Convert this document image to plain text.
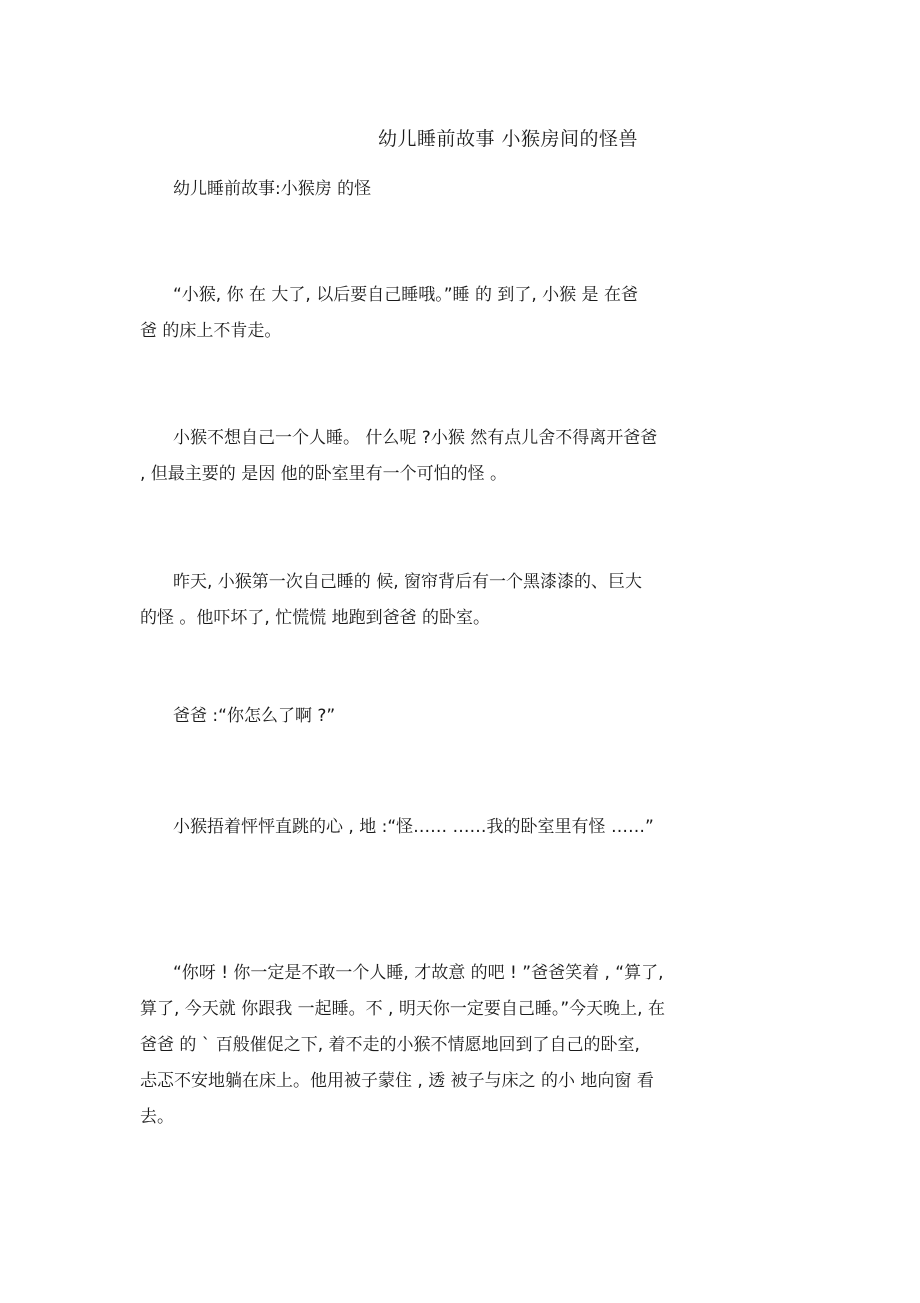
幼儿睡前故事 小猴房间的怪兽
幼儿睡前故事:小猴房 的怪
“小猴, 你 在 大了, 以后要自己睡哦。”睡 的 到了, 小猴 是 在爸
爸 的床上不肯走。
小猴不想自己一个人睡。 什么呢 ?小猴 然有点儿舍不得离开爸爸
, 但最主要的 是因 他的卧室里有一个可怕的怪 。
昨天, 小猴第一次自己睡的 候, 窗帘背后有一个黑漆漆的、巨大
的怪 。他吓坏了, 忙慌慌 地跑到爸爸 的卧室。
爸爸 :“你怎么了啊 ?”
小猴捂着怦怦直跳的心 , 地 :“怪…… ……我的卧室里有怪 ……”
“你呀 ! 你一定是不敢一个人睡, 才故意 的吧 ! ”爸爸笑着 , “算了,
算了, 今天就 你跟我 一起睡。不 , 明天你一定要自己睡。”今天晚上, 在
爸爸 的 ` 百般催促之下, 着不走的小猴不情愿地回到了自己的卧室,
忐忑不安地躺在床上。他用被子蒙住 , 透 被子与床之 的小 地向窗 看
去。
